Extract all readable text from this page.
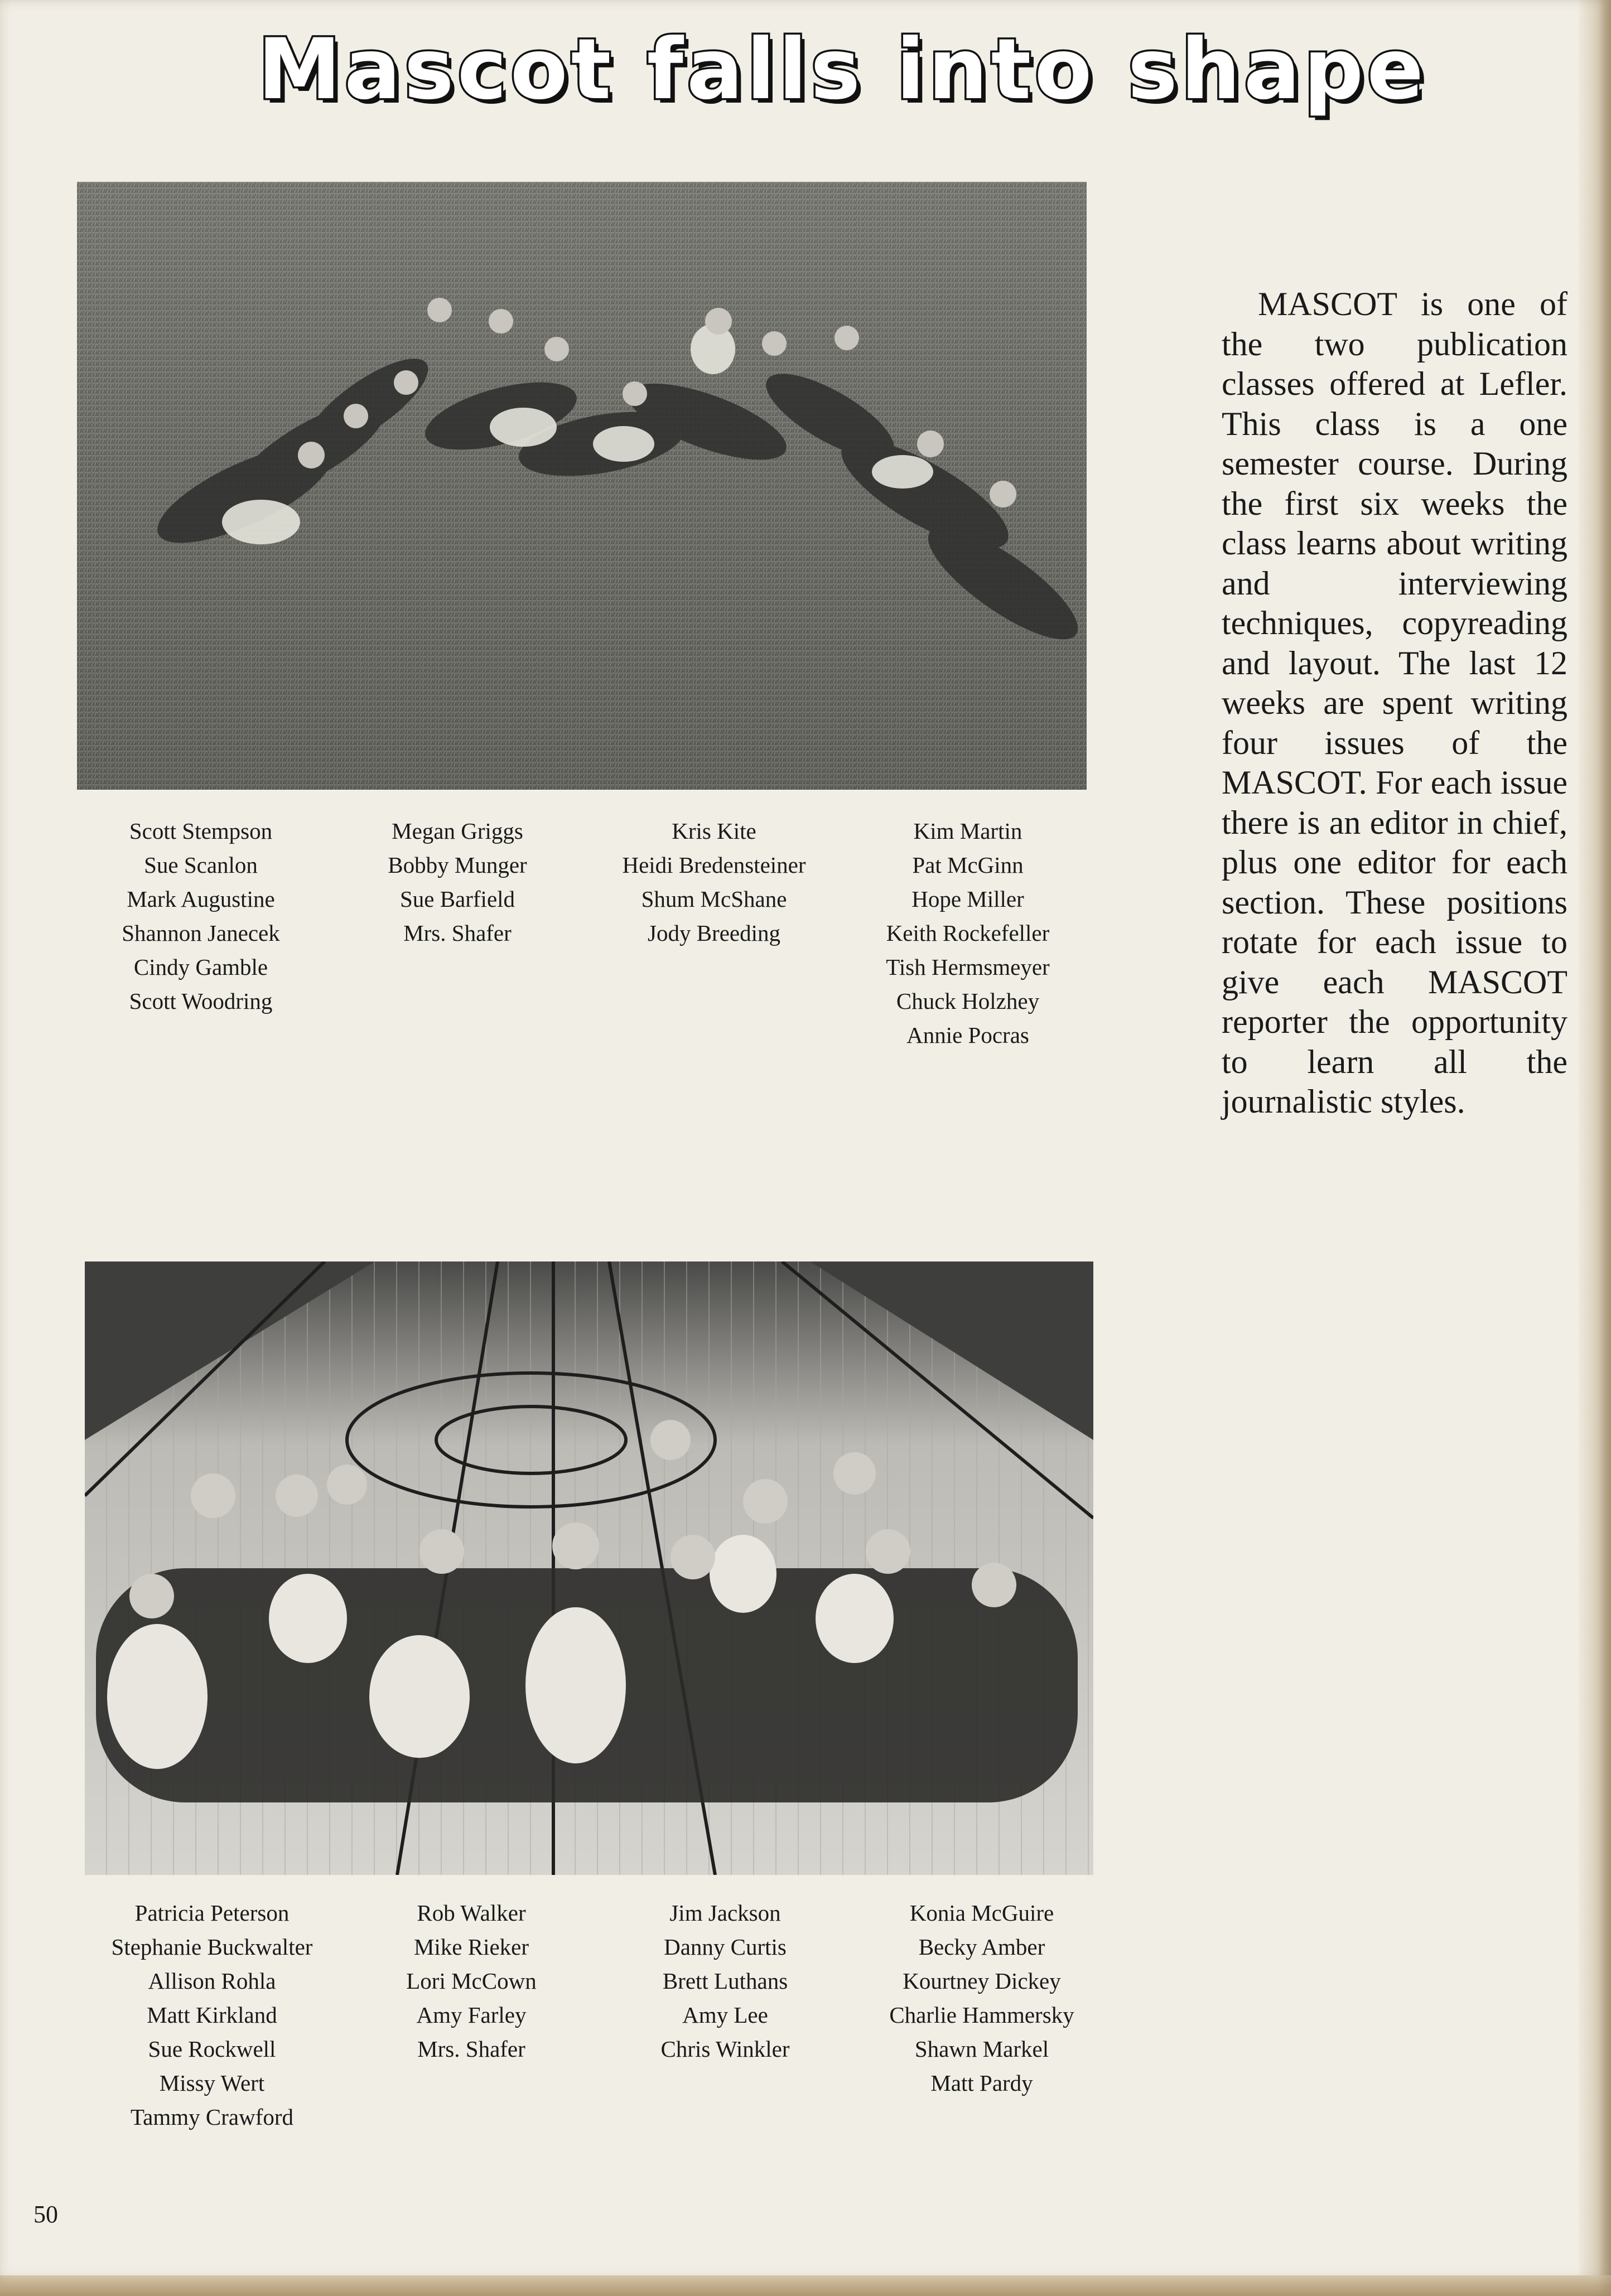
Mascot falls into shape
Scott Stempson
Sue Scanlon
Mark Augustine
Shannon Janecek
Cindy Gamble
Scott Woodring
Megan Griggs
Bobby Munger
Sue Barfield
Mrs. Shafer
Kris Kite
Heidi Bredensteiner
Shum McShane
Jody Breeding
Kim Martin
Pat McGinn
Hope Miller
Keith Rockefeller
Tish Hermsmeyer
Chuck Holzhey
Annie Pocras

MASCOT is one of the two publication classes offered at Lefler. This class is a one semester course. During the first six weeks the class learns about writing and interviewing techniques, copyreading and layout. The last 12 weeks are spent writing four issues of the MASCOT. For each issue there is an editor in chief, plus one editor for each section. These positions rotate for each issue to give each MASCOT reporter the opportunity to learn all the journalistic styles.

Patricia Peterson
Stephanie Buckwalter
Allison Rohla
Matt Kirkland
Sue Rockwell
Missy Wert
Tammy Crawford
Rob Walker
Mike Rieker
Lori McCown
Amy Farley
Mrs. Shafer
Jim Jackson
Danny Curtis
Brett Luthans
Amy Lee
Chris Winkler
Konia McGuire
Becky Amber
Kourtney Dickey
Charlie Hammersky
Shawn Markel
Matt Pardy
50
